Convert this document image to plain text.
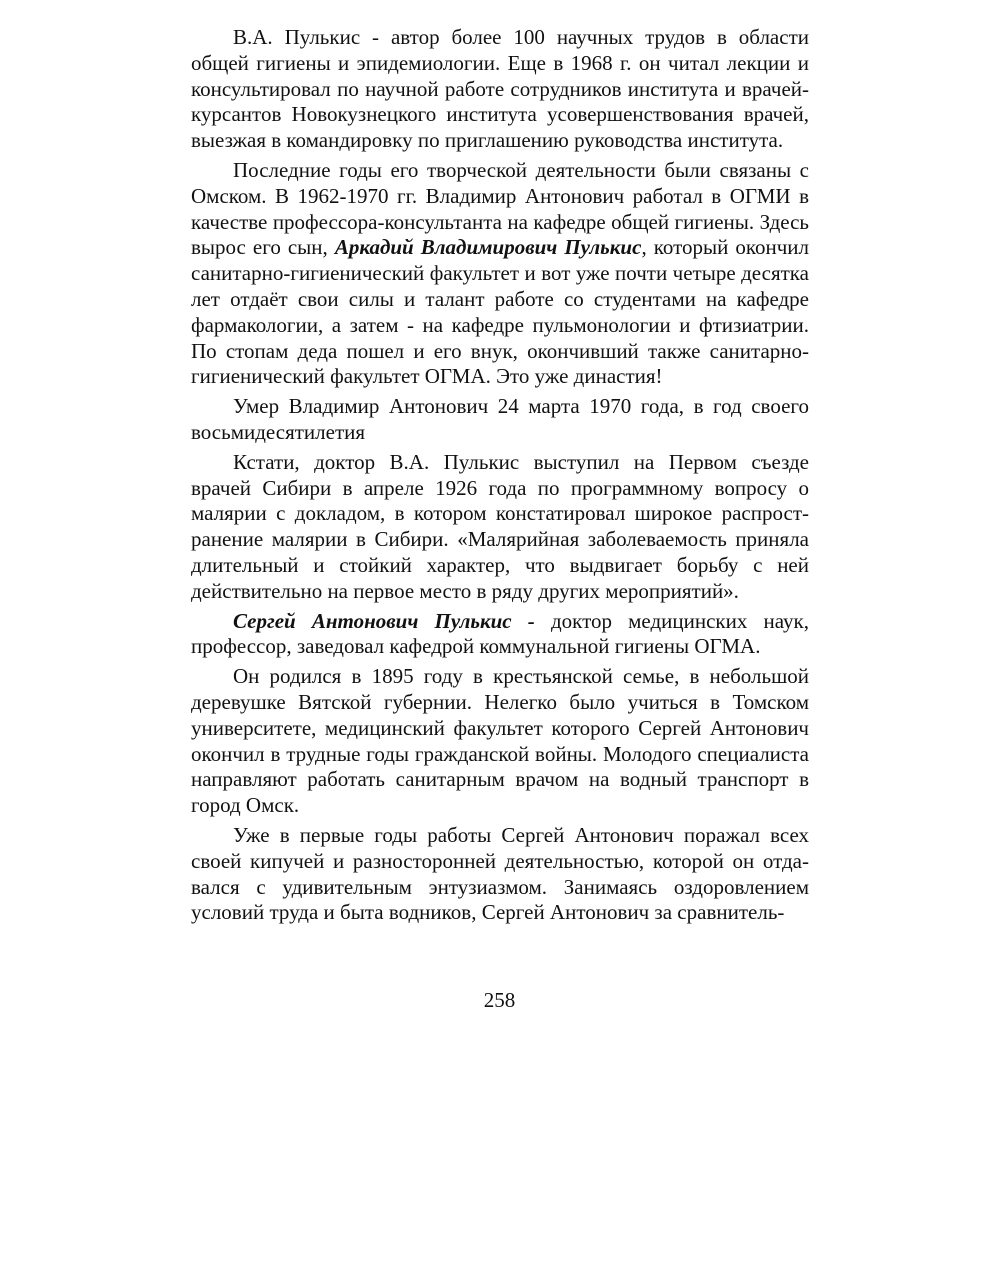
В.А. Пулькис - автор более 100 научных трудов в области общей гигиены и эпидемиологии. Еще в 1968 г. он читал лекции и консультировал по научной работе сотрудников института и врачей-курсантов Новокузнецкого института усовершенствования врачей, выезжая в командировку по приглашению руководства института.

Последние годы его творческой деятельности были связаны с Омском. В 1962-1970 гг. Владимир Антонович работал в ОГМИ в качестве профессора-консультанта на кафедре общей гигиены. Здесь вырос его сын, Аркадий Владимирович Пулькис, который окончил санитарно-гигиенический факультет и вот уже почти четыре десятка лет отдаёт свои силы и талант работе со студентами на кафедре фармакологии, а затем - на кафедре пульмонологии и фтизиатрии. По стопам деда пошел и его внук, окончивший также санитарно-гигиенический факультет ОГМА. Это уже династия!

Умер Владимир Антонович 24 марта 1970 года, в год своего восьмидесятилетия

Кстати, доктор В.А. Пулькис выступил на Первом съезде врачей Сибири в апреле 1926 года по программному вопросу о малярии с докладом, в котором констатировал широкое распространение малярии в Сибири. «Малярийная заболеваемость приняла длительный и стойкий характер, что выдвигает борьбу с ней действительно на первое место в ряду других мероприятий».

Сергей Антонович Пулькис - доктор медицинских наук, профессор, заведовал кафедрой коммунальной гигиены ОГМА.

Он родился в 1895 году в крестьянской семье, в небольшой деревушке Вятской губернии. Нелегко было учиться в Томском университете, медицинский факультет которого Сергей Антонович окончил в трудные годы гражданской войны. Молодого специалиста направляют работать санитарным врачом на водный транспорт в город Омск.

Уже в первые годы работы Сергей Антонович поражал всех своей кипучей и разносторонней деятельностью, которой он отдавался с удивительным энтузиазмом. Занимаясь оздоровлением условий труда и быта водников, Сергей Антонович за сравнитель-

258
